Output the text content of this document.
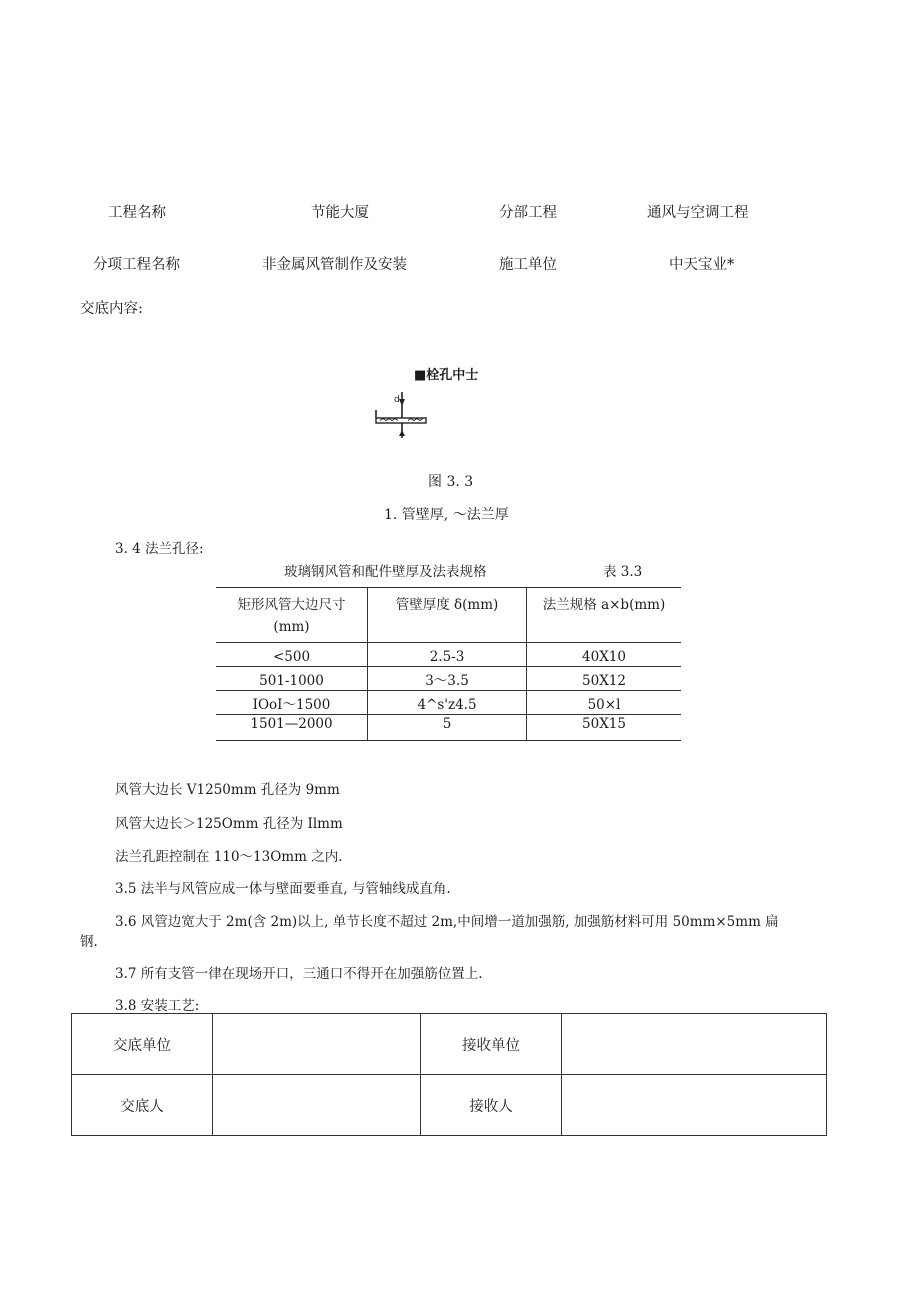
工程名称	节能大厦	分部工程	通风与空调工程
分项工程名称	非金属风管制作及安装	施工单位	中天宝业*
交底内容:
■栓孔中士
d
图 3. 3
1. 管壁厚, ～法兰厚
3. 4 法兰孔径:
玻璃钢风管和配件壁厚及法表规格	表 3.3
矩形风管大边尺寸
(mm)	管壁厚度 δ(mm)	法兰规格 a×b(mm)
<500	2.5-3	40X10
501-1000	3～3.5	50X12
IOoI～1500	4^s'z4.5	50×l
1501—2000	5	50X15
风管大边长 V1250mm 孔径为 9mm
风管大边长＞125Omm 孔径为 Ilmm
法兰孔距控制在 110～13Omm 之内.
3.5 法半与风管应成一体与壁面要垂直, 与管轴线成直角.
3.6 风管边宽大于 2m(含 2m)以上, 单节长度不超过 2m,中间增一道加强筋, 加强筋材料可用 50mm×5mm 扁
钢.
3.7 所有支管一律在现场开口，三通口不得开在加强筋位置上.
3.8 安装工艺:
交底单位		接收单位	
交底人		接收人	
